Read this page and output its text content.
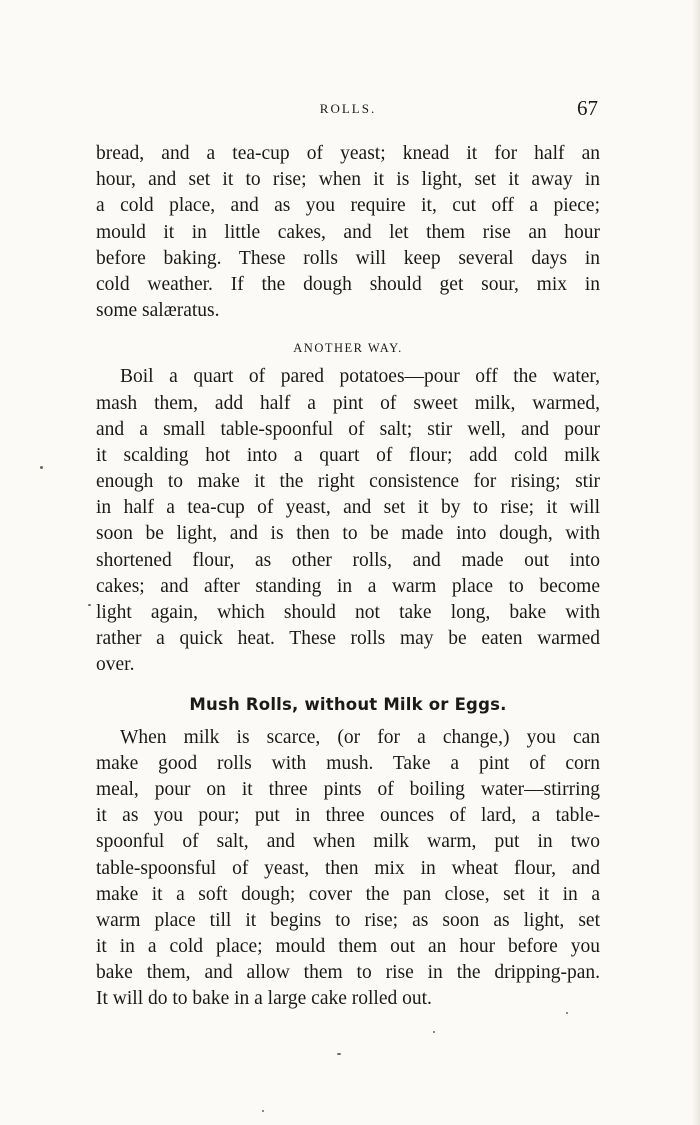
ROLLS.	67
bread, and a tea-cup of yeast; knead it for half an
hour, and set it to rise; when it is light, set it away in
a cold place, and as you require it, cut off a piece;
mould it in little cakes, and let them rise an hour
before baking. These rolls will keep several days in
cold weather. If the dough should get sour, mix in
some salæratus.
ANOTHER WAY.
Boil a quart of pared potatoes—pour off the water,
mash them, add half a pint of sweet milk, warmed,
and a small table-spoonful of salt; stir well, and pour
it scalding hot into a quart of flour; add cold milk
enough to make it the right consistence for rising; stir
in half a tea-cup of yeast, and set it by to rise; it will
soon be light, and is then to be made into dough, with
shortened flour, as other rolls, and made out into
cakes; and after standing in a warm place to become
light again, which should not take long, bake with
rather a quick heat. These rolls may be eaten warmed
over.
Mush Rolls, without Milk or Eggs.
When milk is scarce, (or for a change,) you can
make good rolls with mush. Take a pint of corn
meal, pour on it three pints of boiling water—stirring
it as you pour; put in three ounces of lard, a table-
spoonful of salt, and when milk warm, put in two
table-spoonsful of yeast, then mix in wheat flour, and
make it a soft dough; cover the pan close, set it in a
warm place till it begins to rise; as soon as light, set
it in a cold place; mould them out an hour before you
bake them, and allow them to rise in the dripping-pan.
It will do to bake in a large cake rolled out.
